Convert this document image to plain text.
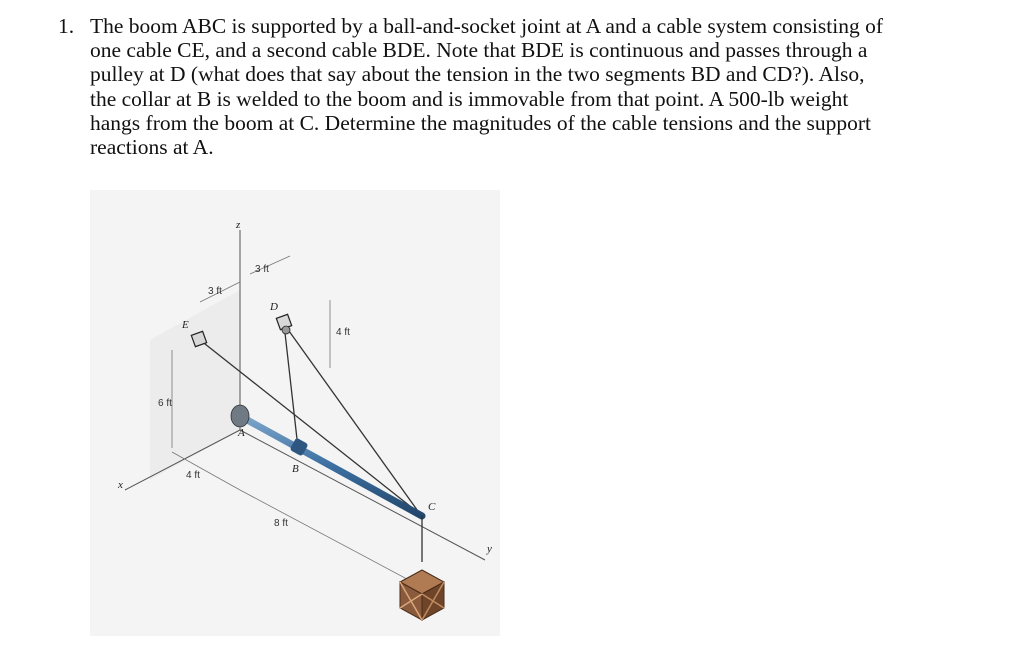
1. The boom ABC is supported by a ball-and-socket joint at A and a cable system consisting of
one cable CE, and a second cable BDE. Note that BDE is continuous and passes through a
pulley at D (what does that say about the tension in the two segments BD and CD?). Also,
the collar at B is welded to the boom and is immovable from that point. A 500-lb weight
hangs from the boom at C. Determine the magnitudes of the cable tensions and the support
reactions at A.
z
x
y
3 ft
3 ft
4 ft
6 ft
4 ft
8 ft
E
D
A
B
C
